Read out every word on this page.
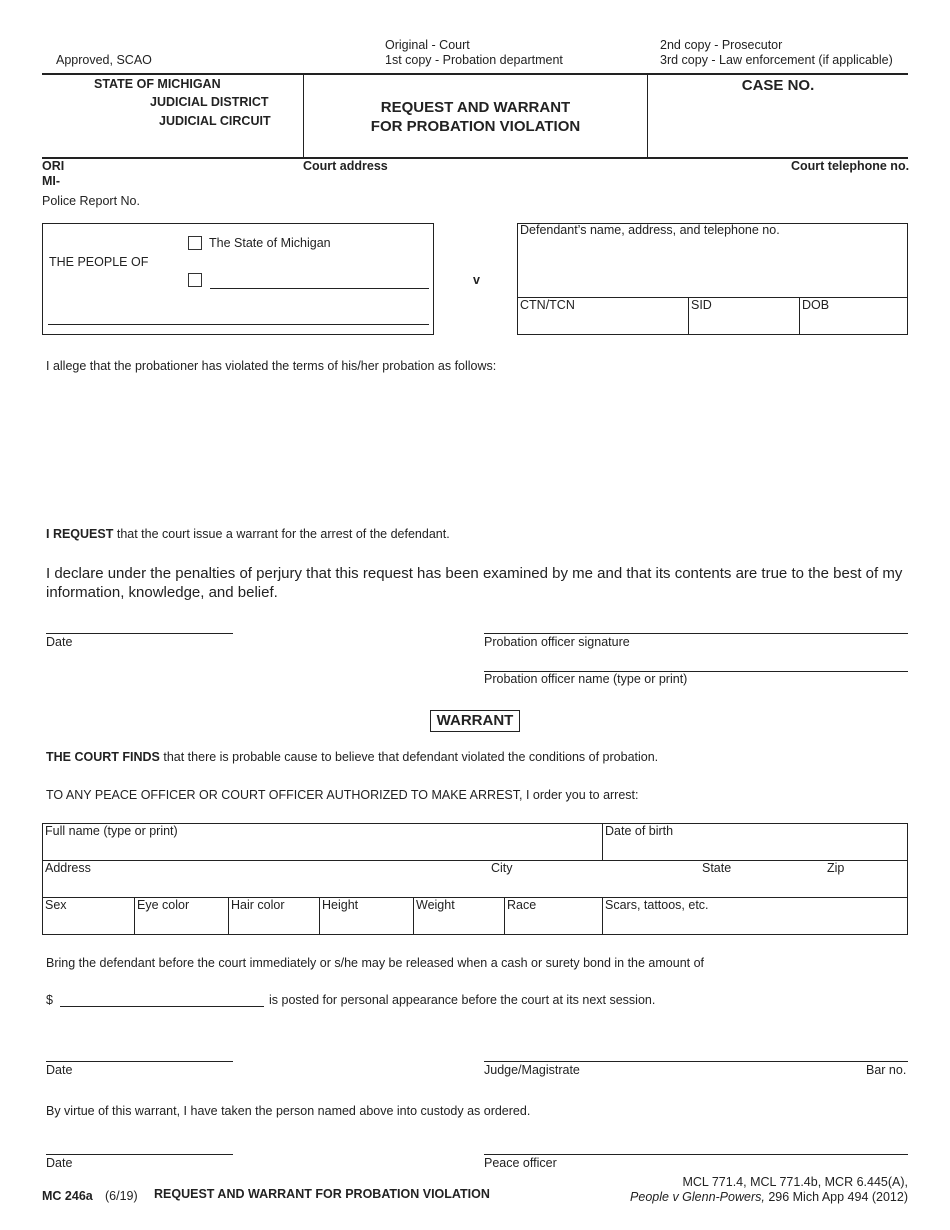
Approved, SCAO
Original - Court
1st copy - Probation department
2nd copy - Prosecutor
3rd copy - Law enforcement (if applicable)
STATE OF MICHIGAN
JUDICIAL DISTRICT
JUDICIAL CIRCUIT
REQUEST AND WARRANT
FOR PROBATION VIOLATION
CASE NO.
ORI
MI-
Court address	Court telephone no.
Police Report No.
THE PEOPLE OF
The State of Michigan
v
Defendant’s name, address, and telephone no.
CTN/TCN	SID	DOB
I allege that the probationer has violated the terms of his/her probation as follows:
I REQUEST that the court issue a warrant for the arrest of the defendant.
I declare under the penalties of perjury that this request has been examined by me and that its contents are true to the best of my information, knowledge, and belief.
Date	Probation officer signature
Probation officer name (type or print)
WARRANT
THE COURT FINDS that there is probable cause to believe that defendant violated the conditions of probation.
TO ANY PEACE OFFICER OR COURT OFFICER AUTHORIZED TO MAKE ARREST, I order you to arrest:
Full name (type or print)	Date of birth
Address	City	State	Zip
Sex	Eye color	Hair color	Height	Weight	Race	Scars, tattoos, etc.
Bring the defendant before the court immediately or s/he may be released when a cash or surety bond in the amount of
$	is posted for personal appearance before the court at its next session.
Date	Judge/Magistrate	Bar no.
By virtue of this warrant, I have taken the person named above into custody as ordered.
Date	Peace officer
MC 246a (6/19) REQUEST AND WARRANT FOR PROBATION VIOLATION
MCL 771.4, MCL 771.4b, MCR 6.445(A),
People v Glenn-Powers, 296 Mich App 494 (2012)
